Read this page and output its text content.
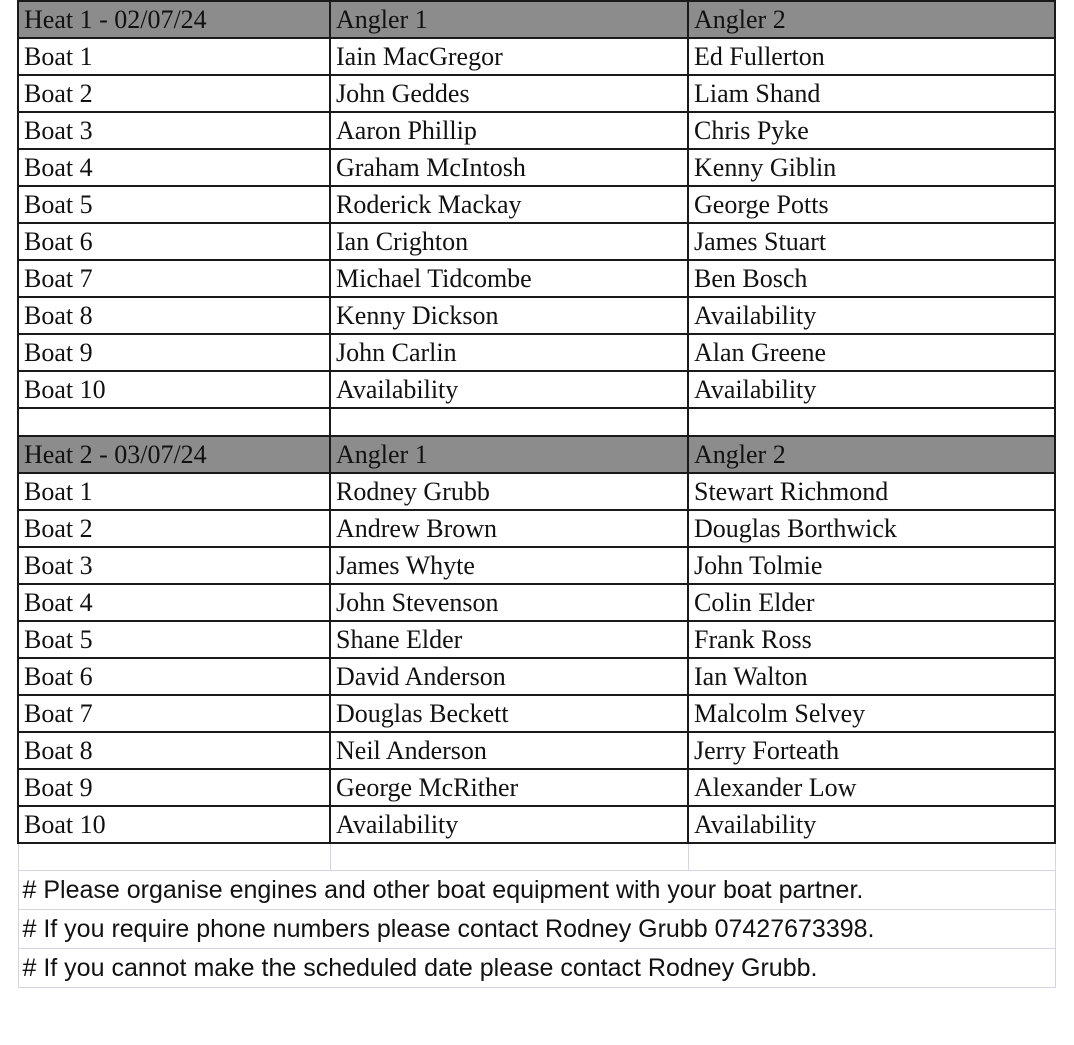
Heat 1 - 02/07/24	Angler 1	Angler 2
Boat 1	Iain MacGregor	Ed Fullerton
Boat 2	John Geddes	Liam Shand
Boat 3	Aaron Phillip	Chris Pyke
Boat 4	Graham McIntosh	Kenny Giblin
Boat 5	Roderick Mackay	George Potts
Boat 6	Ian Crighton	James Stuart
Boat 7	Michael Tidcombe	Ben Bosch
Boat 8	Kenny Dickson	Availability
Boat 9	John Carlin	Alan Greene
Boat 10	Availability	Availability

Heat 2 - 03/07/24	Angler 1	Angler 2
Boat 1	Rodney Grubb	Stewart Richmond
Boat 2	Andrew Brown	Douglas Borthwick
Boat 3	James Whyte	John Tolmie
Boat 4	John Stevenson	Colin Elder
Boat 5	Shane Elder	Frank Ross
Boat 6	David Anderson	Ian Walton
Boat 7	Douglas Beckett	Malcolm Selvey
Boat 8	Neil Anderson	Jerry Forteath
Boat 9	George McRither	Alexander Low
Boat 10	Availability	Availability

# Please organise engines and other boat equipment with your boat partner.		
# If you require phone numbers please contact Rodney Grubb 07427673398.		
# If you cannot make the scheduled date please contact Rodney Grubb.		
